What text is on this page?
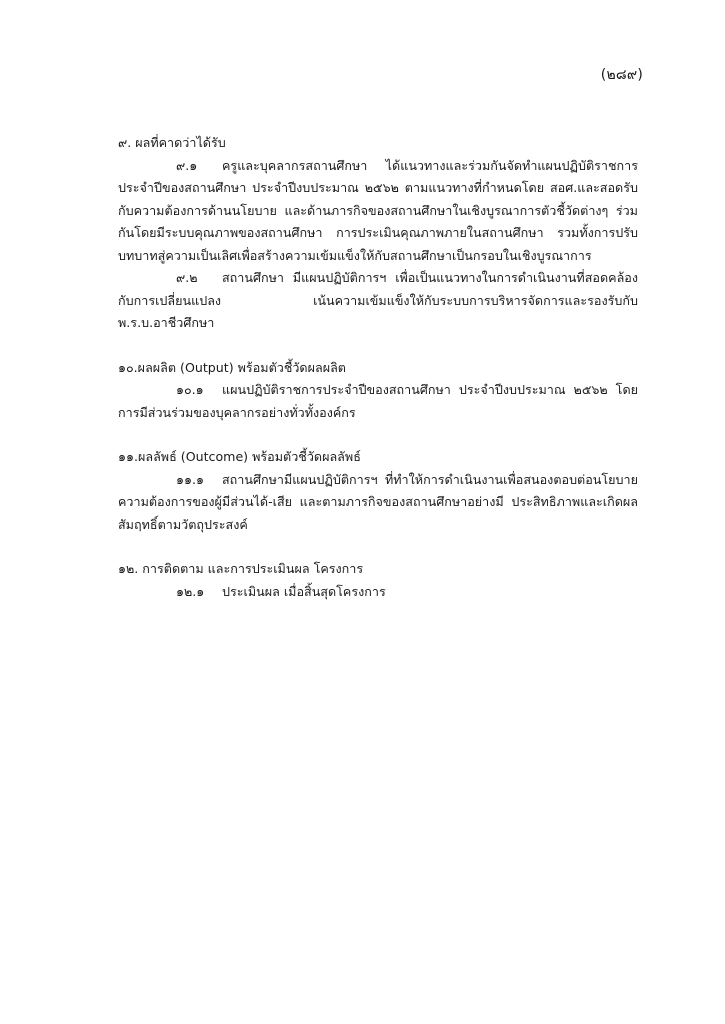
(๒๘๙)

๙. ผลที่คาดว่าได้รับ

๙.๑ ครูและบุคลากรสถานศึกษา ได้แนวทางและร่วมกันจัดทำแผนปฏิบัติราชการประจำปีของสถานศึกษา ประจำปีงบประมาณ ๒๕๖๒ ตามแนวทางที่กำหนดโดย สอศ.และสอดรับกับความต้องการด้านนโยบาย และด้านภารกิจของสถานศึกษาในเชิงบูรณาการตัวชี้วัดต่างๆ ร่วมกันโดยมีระบบคุณภาพของสถานศึกษา การประเมินคุณภาพภายในสถานศึกษา รวมทั้งการปรับบทบาทสู่ความเป็นเลิศเพื่อสร้างความเข้มแข็งให้กับสถานศึกษาเป็นกรอบในเชิงบูรณาการ

๙.๒ สถานศึกษา มีแผนปฏิบัติการฯ เพื่อเป็นแนวทางในการดำเนินงานที่สอดคล้องกับการเปลี่ยนแปลง เน้นความเข้มแข็งให้กับระบบการบริหารจัดการและรองรับกับ พ.ร.บ.อาชีวศึกษา

๑๐.ผลผลิต (Output) พร้อมตัวชี้วัดผลผลิต

๑๐.๑ แผนปฏิบัติราชการประจำปีของสถานศึกษา ประจำปีงบประมาณ ๒๕๖๒ โดยการมีส่วนร่วมของบุคลากรอย่างทั่วทั้งองค์กร

๑๑.ผลลัพธ์ (Outcome) พร้อมตัวชี้วัดผลลัพธ์

๑๑.๑ สถานศึกษามีแผนปฏิบัติการฯ ที่ทำให้การดำเนินงานเพื่อสนองตอบต่อนโยบายความต้องการของผู้มีส่วนได้-เสีย และตามภารกิจของสถานศึกษาอย่างมี ประสิทธิภาพและเกิดผลสัมฤทธิ์ตามวัตถุประสงค์

๑๒. การติดตาม และการประเมินผล โครงการ

๑๒.๑ ประเมินผล เมื่อสิ้นสุดโครงการ
